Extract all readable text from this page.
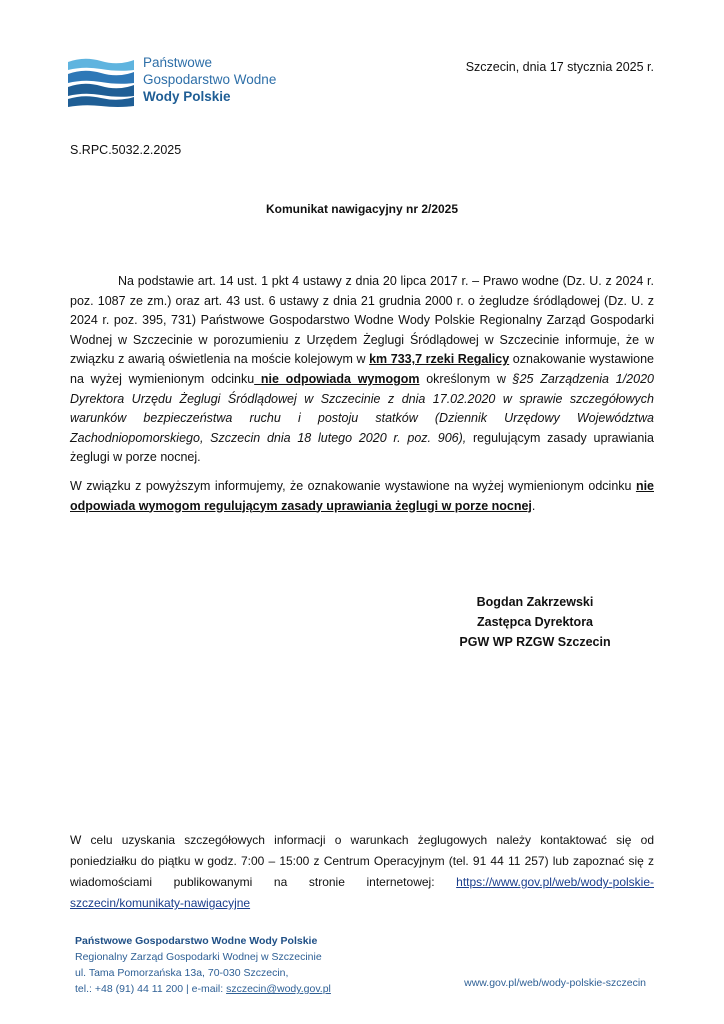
Państwowe
Gospodarstwo Wodne
Wody Polskie
Szczecin, dnia 17 stycznia 2025 r.
S.RPC.5032.2.2025
Komunikat nawigacyjny nr 2/2025

Na podstawie art. 14 ust. 1 pkt 4 ustawy z dnia 20 lipca 2017 r. – Prawo wodne (Dz. U. z 2024 r. poz. 1087 ze zm.) oraz art. 43 ust. 6 ustawy z dnia 21 grudnia 2000 r. o żegludze śródlądowej (Dz. U. z 2024 r. poz. 395, 731) Państwowe Gospodarstwo Wodne Wody Polskie Regionalny Zarząd Gospodarki Wodnej w Szczecinie w porozumieniu z Urzędem Żeglugi Śródlądowej w Szczecinie informuje, że w związku z awarią oświetlenia na moście kolejowym w km 733,7 rzeki Regalicy oznakowanie wystawione na wyżej wymienionym odcinku nie odpowiada wymogom określonym w §25 Zarządzenia 1/2020 Dyrektora Urzędu Żeglugi Śródlądowej w Szczecinie z dnia 17.02.2020 w sprawie szczegółowych warunków bezpieczeństwa ruchu i postoju statków (Dziennik Urzędowy Województwa Zachodniopomorskiego, Szczecin dnia 18 lutego 2020 r. poz. 906), regulującym zasady uprawiania żeglugi w porze nocnej.

W związku z powyższym informujemy, że oznakowanie wystawione na wyżej wymienionym odcinku nie odpowiada wymogom regulującym zasady uprawiania żeglugi w porze nocnej.

Bogdan Zakrzewski
Zastępca Dyrektora
PGW WP RZGW Szczecin
W celu uzyskania szczegółowych informacji o warunkach żeglugowych należy kontaktować się od poniedziałku do piątku w godz. 7:00 – 15:00 z Centrum Operacyjnym (tel. 91 44 11 257) lub zapoznać się z wiadomościami publikowanymi na stronie internetowej: https://www.gov.pl/web/wody-polskie-szczecin/komunikaty-nawigacyjne
Państwowe Gospodarstwo Wodne Wody Polskie
Regionalny Zarząd Gospodarki Wodnej w Szczecinie
ul. Tama Pomorzańska 13a, 70-030 Szczecin,
tel.: +48 (91) 44 11 200 | e-mail: szczecin@wody.gov.pl	www.gov.pl/web/wody-polskie-szczecin
